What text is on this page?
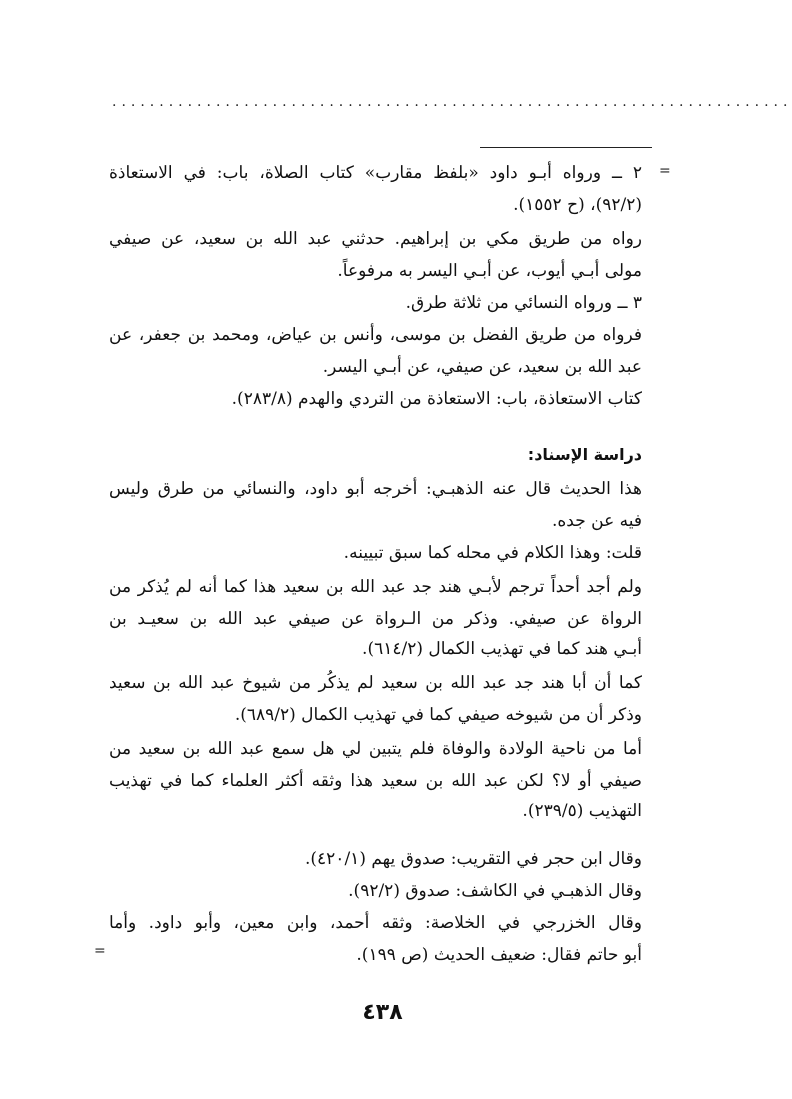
........................................................................
=
٢ ــ ورواه أبـو داود «بلفظ مقارب» كتاب الصلاة، باب: في الاستعاذة
(٩٢/٢)، (ح ١٥٥٢).
رواه من طريق مكي بن إبراهيم. حدثني عبد الله بن سعيد، عن صيفي
مولى أبـي أيوب، عن أبـي اليسر به مرفوعاً.
٣ ــ ورواه النسائي من ثلاثة طرق.
فرواه من طريق الفضل بن موسى، وأنس بن عياض، ومحمد بن جعفر، عن
عبد الله بن سعيد، عن صيفي، عن أبـي اليسر.
كتاب الاستعاذة، باب: الاستعاذة من التردي والهدم (٢٨٣/٨).
دراسة الإسناد:
هذا الحديث قال عنه الذهبـي: أخرجه أبو داود، والنسائي من طرق وليس
فيه عن جده.
قلت: وهذا الكلام في محله كما سبق تبيينه.
ولم أجد أحداً ترجم لأبـي هند جد عبد الله بن سعيد هذا كما أنه لم يُذكر من
الرواة عن صيفي. وذكر من الـرواة عن صيفي عبد الله بن سعيـد بن
أبـي هند كما في تهذيب الكمال (٦١٤/٢).
كما أن أبا هند جد عبد الله بن سعيد لم يذكُر من شيوخ عبد الله بن سعيد
وذكر أن من شيوخه صيفي كما في تهذيب الكمال (٦٨٩/٢).
أما من ناحية الولادة والوفاة فلم يتبين لي هل سمع عبد الله بن سعيد من
صيفي أو لا؟ لكن عبد الله بن سعيد هذا وثقه أكثر العلماء كما في تهذيب
التهذيب (٢٣٩/٥).
وقال ابن حجر في التقريب: صدوق يهم (٤٢٠/١).
وقال الذهبـي في الكاشف: صدوق (٩٢/٢).
وقال الخزرجي في الخلاصة: وثقه أحمد، وابن معين، وأبو داود. وأما
أبو حاتم فقال: ضعيف الحديث (ص ١٩٩).
=
٤٣٨
